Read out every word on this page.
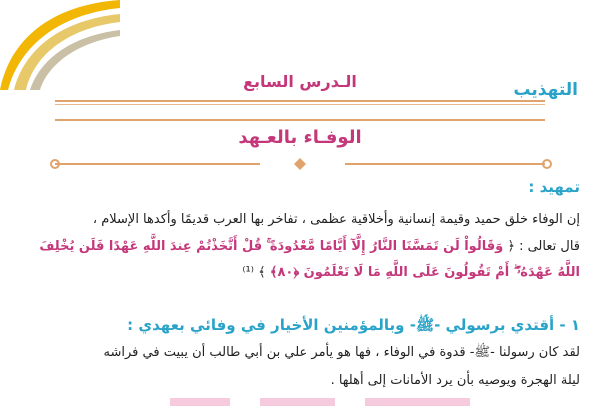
التهذيب
الـدرس السابع
الوفـاء بالعـهد
تمهيد :
إن الوفاء خلق حميد وقيمة إنسانية وأخلاقية عظمى ، تفاخر بها العرب قديمًا وأكدها الإسلام ،
قال تعالى : ﴿ وَقَالُواْ لَن تَمَسَّنَا النَّارُ إِلَّآ أَيَّامًا مَّعْدُودَةً ۚ قُلْ أَتَّخَذْتُمْ عِندَ اللَّهِ عَهْدًا فَلَن يُخْلِفَ
اللَّهُ عَهْدَهُۥٓ ۖ أَمْ تَقُولُونَ عَلَى اللَّهِ مَا لَا تَعْلَمُونَ ﴿٨٠﴾ ﴾ ⁽¹⁾
١ - أقتدي برسولي -ﷺ- وبالمؤمنين الأخيار في وفائي بعهدي :
لقد كان رسولنا -ﷺ- قدوة في الوفاء ، فها هو يأمر علي بن أبي طالب أن يبيت في فراشه
ليلة الهجرة ويوصيه بأن يرد الأمانات إلى أهلها .
